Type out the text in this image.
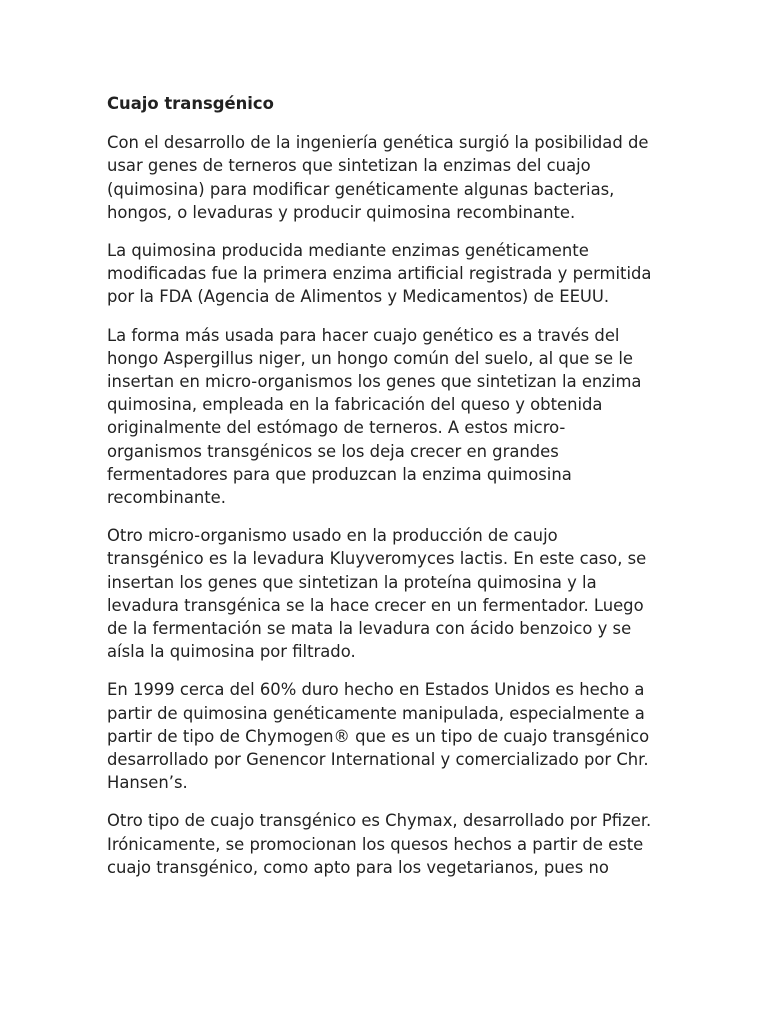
Cuajo transgénico

Con el desarrollo de la ingeniería genética surgió la posibilidad de
usar genes de terneros que sintetizan la enzimas del cuajo
(quimosina) para modificar genéticamente algunas bacterias,
hongos, o levaduras y producir quimosina recombinante.

La quimosina producida mediante enzimas genéticamente
modificadas fue la primera enzima artificial registrada y permitida
por la FDA (Agencia de Alimentos y Medicamentos) de EEUU.

La forma más usada para hacer cuajo genético es a través del
hongo Aspergillus niger, un hongo común del suelo, al que se le
insertan en micro-organismos los genes que sintetizan la enzima
quimosina, empleada en la fabricación del queso y obtenida
originalmente del estómago de terneros. A estos micro-
organismos transgénicos se los deja crecer en grandes
fermentadores para que produzcan la enzima quimosina
recombinante.

Otro micro-organismo usado en la producción de caujo
transgénico es la levadura Kluyveromyces lactis. En este caso, se
insertan los genes que sintetizan la proteína quimosina y la
levadura transgénica se la hace crecer en un fermentador. Luego
de la fermentación se mata la levadura con ácido benzoico y se
aísla la quimosina por filtrado.

En 1999 cerca del 60% duro hecho en Estados Unidos es hecho a
partir de quimosina genéticamente manipulada, especialmente a
partir de tipo de Chymogen® que es un tipo de cuajo transgénico
desarrollado por Genencor International y comercializado por Chr.
Hansen’s.

Otro tipo de cuajo transgénico es Chymax, desarrollado por Pfizer.
Irónicamente, se promocionan los quesos hechos a partir de este
cuajo transgénico, como apto para los vegetarianos, pues no
